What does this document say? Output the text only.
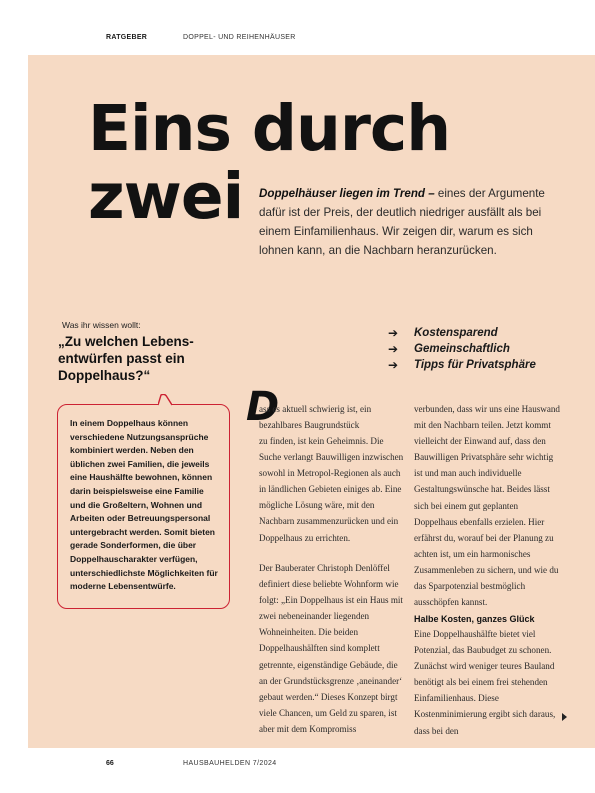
RATGEBER	DOPPEL- UND REIHENHÄUSER
Eins durch
zwei	Doppelhäuser liegen im Trend – eines der Argumente dafür ist der Preis, der deutlich niedriger ausfällt als bei einem Einfamilienhaus. Wir zeigen dir, warum es sich lohnen kann, an die Nachbarn heranzurücken.

Was ihr wissen wollt:
„Zu welchen Lebens-entwürfen passt ein Doppelhaus?“
➔	Kostensparend
➔	Gemeinschaftlich
➔	Tipps für Privatsphäre
In einem Doppelhaus können verschiedene Nutzungsansprüche kombiniert werden. Neben den üblichen zwei Familien, die jeweils eine Haushälfte bewohnen, können darin beispielsweise eine Familie und die Großeltern, Wohnen und Arbeiten oder Betreuungspersonal untergebracht werden. Somit bieten gerade Sonderformen, die über Doppelhauscharakter verfügen, unterschiedlichste Möglichkeiten für moderne Lebensentwürfe.
D
ass es aktuell schwierig ist, ein bezahlbares Baugrundstück
zu finden, ist kein Geheimnis. Die Suche verlangt Bauwilligen inzwischen sowohl in Metropol-Regionen als auch in ländlichen Gebieten einiges ab. Eine mögliche Lösung wäre, mit den Nachbarn zusammenzurücken und ein Doppelhaus zu errichten.
Der Bauberater Christoph Denlöffel definiert diese beliebte Wohnform wie folgt: „Ein Doppelhaus ist ein Haus mit zwei nebeneinander liegenden Wohneinheiten. Die beiden Doppelhaushälften sind komplett getrennte, eigenständige Gebäude, die an der Grundstücksgrenze ‚aneinander‘ gebaut werden.“ Dieses Konzept birgt viele Chancen, um Geld zu sparen, ist aber mit dem Kompromiss
verbunden, dass wir uns eine Hauswand mit den Nachbarn teilen. Jetzt kommt vielleicht der Einwand auf, dass den Bauwilligen Privatsphäre sehr wichtig ist und man auch individuelle Gestaltungswünsche hat. Beides lässt sich bei einem gut geplanten Doppelhaus ebenfalls erzielen. Hier erfährst du, worauf bei der Planung zu achten ist, um ein harmonisches Zusammenleben zu sichern, und wie du das Sparpotenzial bestmöglich ausschöpfen kannst.
Halbe Kosten, ganzes Glück
Eine Doppelhaushälfte bietet viel Potenzial, das Baubudget zu schonen. Zunächst wird weniger teures Bauland benötigt als bei einem frei stehenden Einfamilienhaus. Diese Kostenminimierung ergibt sich daraus, dass bei den
66	HAUSBAUHELDEN 7/2024
